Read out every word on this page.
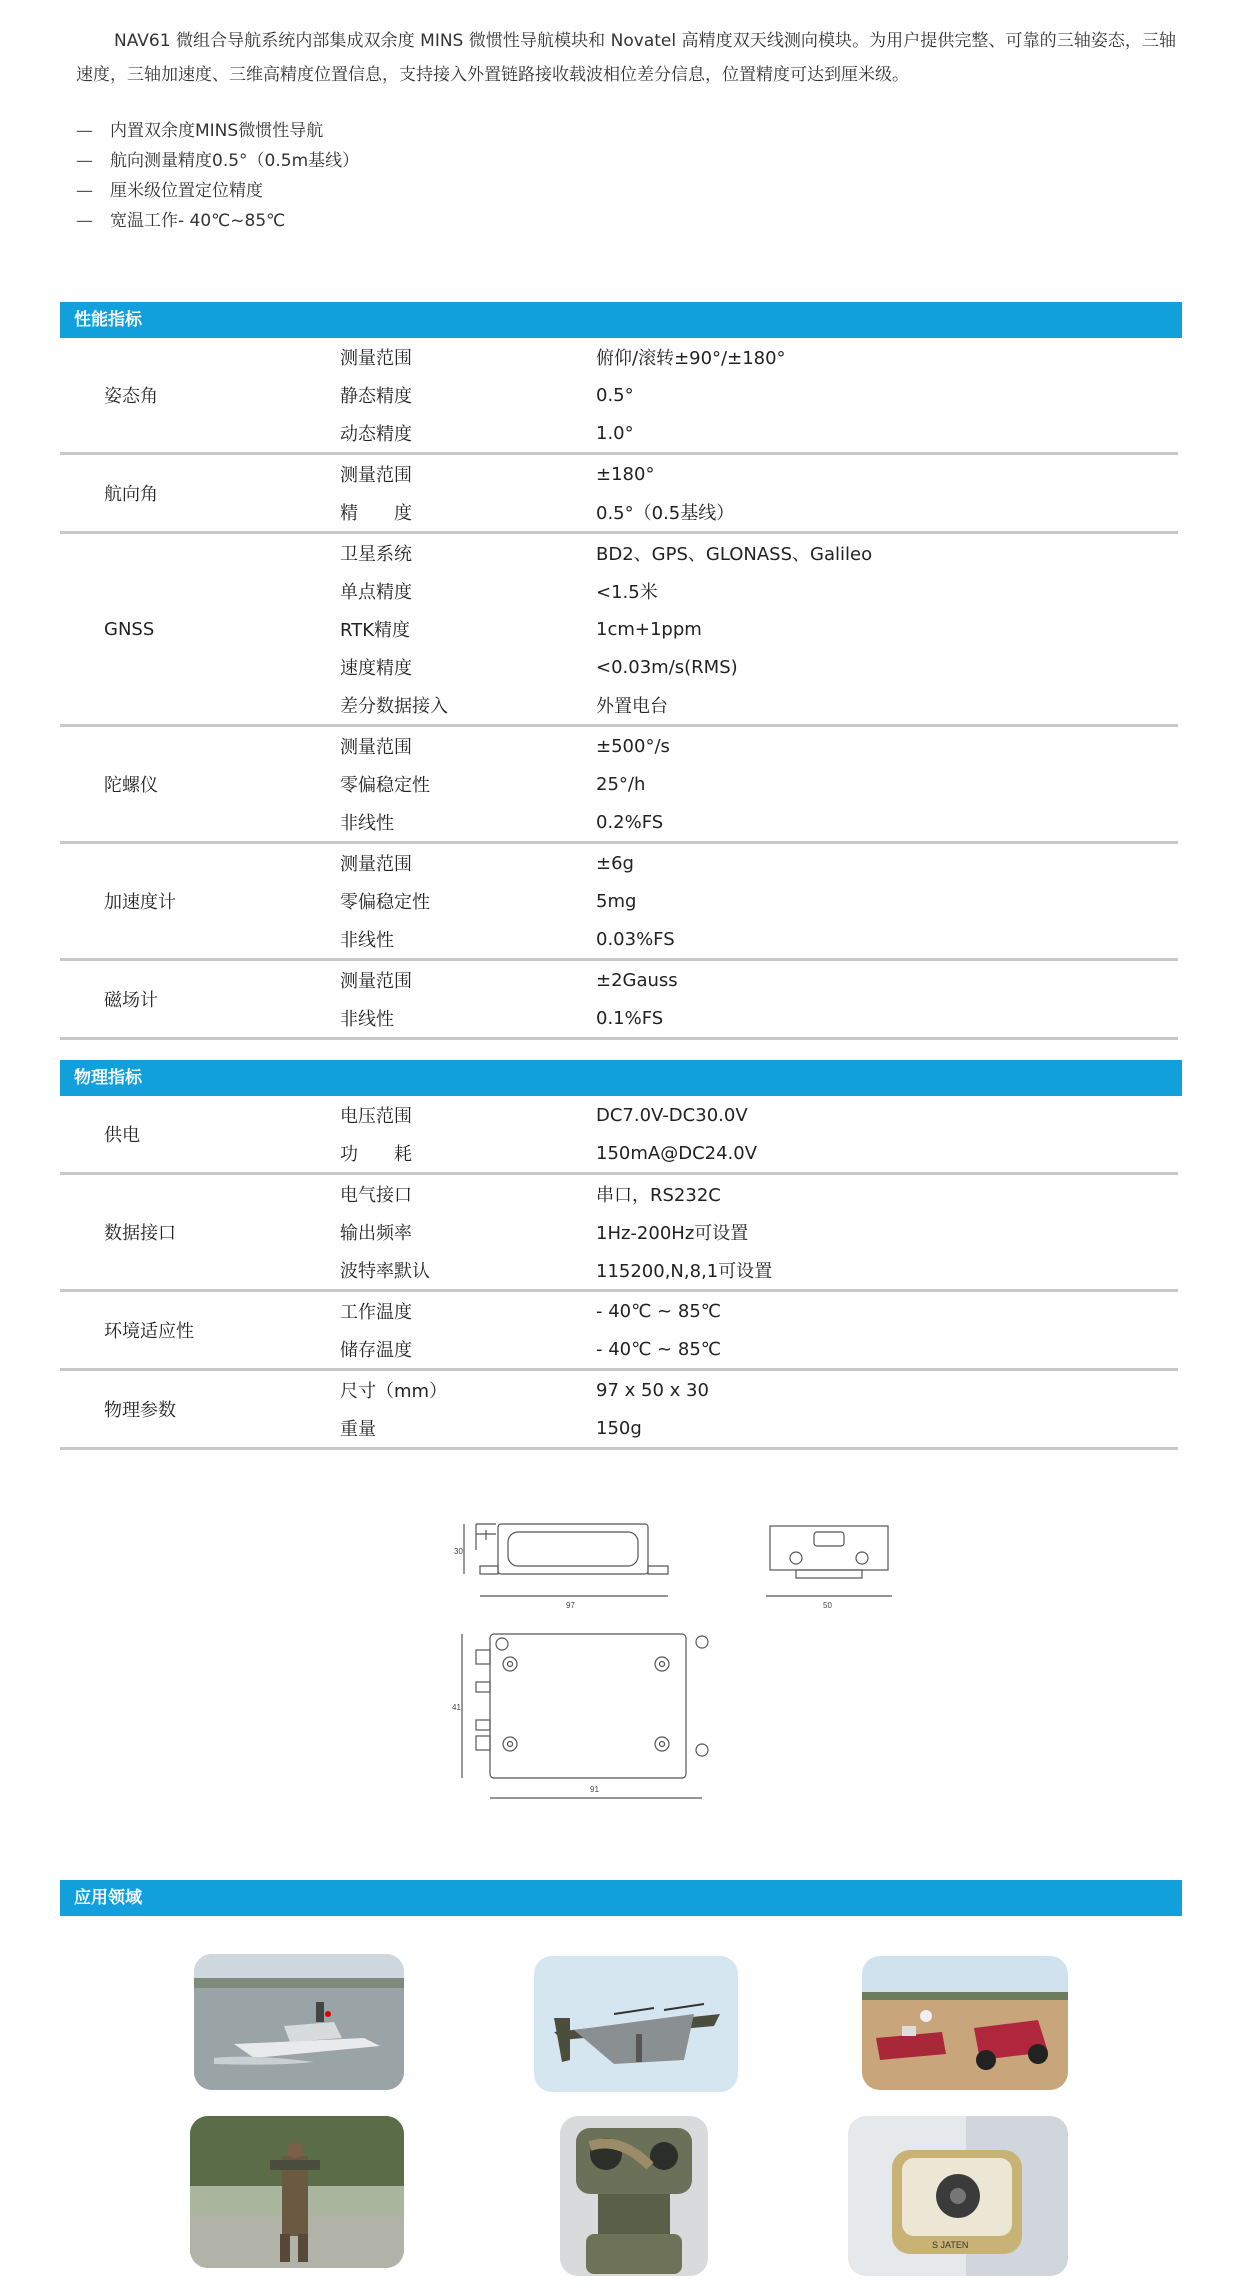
NAV61 微组合导航系统内部集成双余度 MINS 微惯性导航模块和 Novatel 高精度双天线测向模块。为用户提供完整、可靠的三轴姿态，三轴速度，三轴加速度、三维高精度位置信息，支持接入外置链路接收载波相位差分信息，位置精度可达到厘米级。

—	内置双余度MINS微惯性导航
—	航向测量精度0.5°（0.5m基线）
—	厘米级位置定位精度
—	宽温工作- 40℃~85℃
性能指标
姿态角
测量范围	俯仰/滚转±90°/±180°
静态精度	0.5°
动态精度	1.0°
航向角
测量范围	±180°
精　　度	0.5°（0.5基线）
GNSS
卫星系统	BD2、GPS、GLONASS、Galileo
单点精度	<1.5米
RTK精度	1cm+1ppm
速度精度	<0.03m/s(RMS)
差分数据接入	外置电台
陀螺仪
测量范围	±500°/s
零偏稳定性	25°/h
非线性	0.2%FS
加速度计
测量范围	±6g
零偏稳定性	5mg
非线性	0.03%FS
磁场计
测量范围	±2Gauss
非线性	0.1%FS
物理指标
供电
电压范围	DC7.0V-DC30.0V
功　　耗	150mA@DC24.0V
数据接口
电气接口	串口，RS232C
输出频率	1Hz-200Hz可设置
波特率默认	115200,N,8,1可设置
环境适应性
工作温度	- 40℃ ~ 85℃
储存温度	- 40℃ ~ 85℃
物理参数
尺寸（mm）	97 x 50 x 30
重量	150g
97
30
50
91
41
应用领域
S JATEN
